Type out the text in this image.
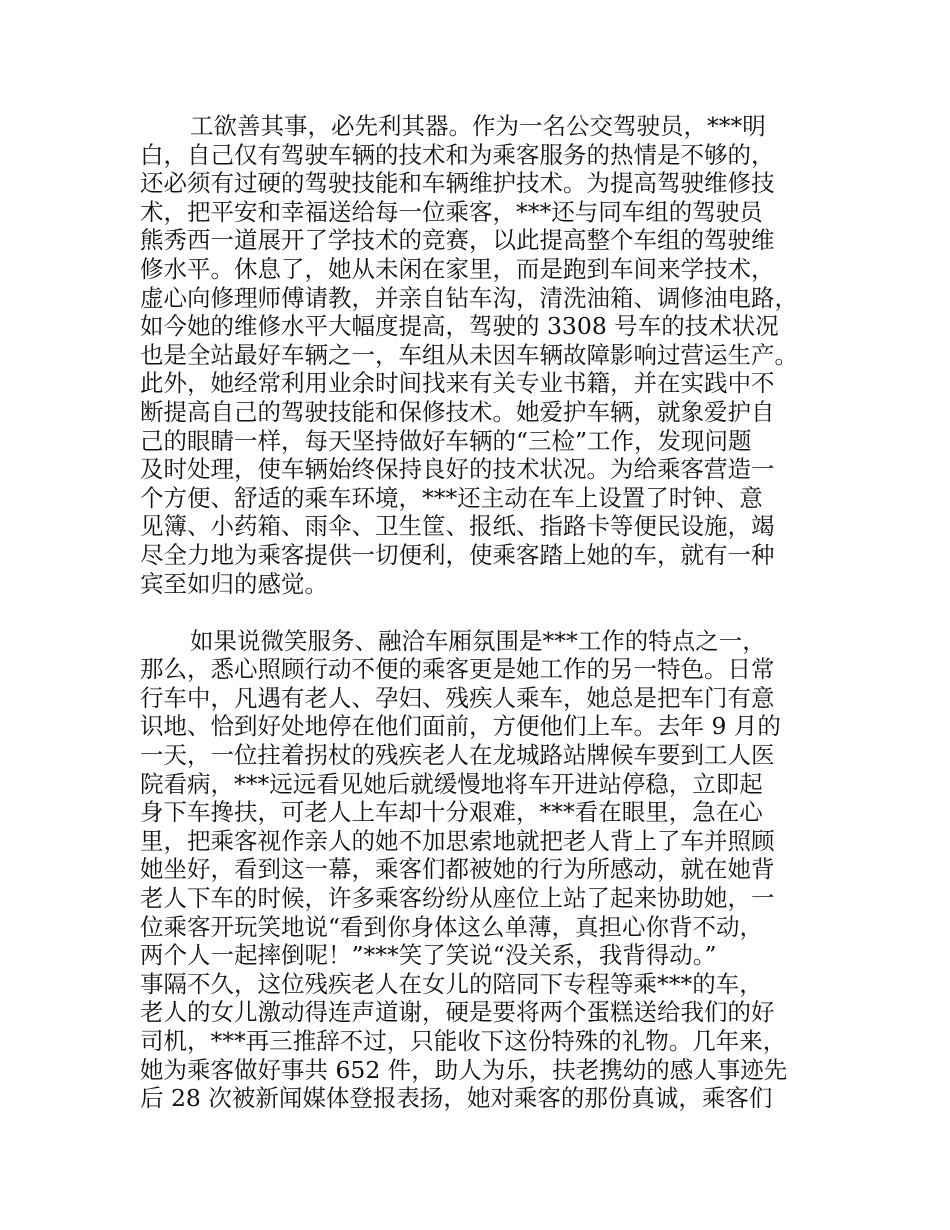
工欲善其事，必先利其器。作为一名公交驾驶员，***明
白，自己仅有驾驶车辆的技术和为乘客服务的热情是不够的，
还必须有过硬的驾驶技能和车辆维护技术。为提高驾驶维修技
术，把平安和幸福送给每一位乘客，***还与同车组的驾驶员
熊秀西一道展开了学技术的竞赛，以此提高整个车组的驾驶维
修水平。休息了，她从未闲在家里，而是跑到车间来学技术，
虚心向修理师傅请教，并亲自钻车沟，清洗油箱、调修油电路，
如今她的维修水平大幅度提高，驾驶的 3308 号车的技术状况
也是全站最好车辆之一，车组从未因车辆故障影响过营运生产。
此外，她经常利用业余时间找来有关专业书籍，并在实践中不
断提高自己的驾驶技能和保修技术。她爱护车辆，就象爱护自
己的眼睛一样，每天坚持做好车辆的“三检”工作，发现问题
及时处理，使车辆始终保持良好的技术状况。为给乘客营造一
个方便、舒适的乘车环境，***还主动在车上设置了时钟、意
见簿、小药箱、雨伞、卫生筐、报纸、指路卡等便民设施，竭
尽全力地为乘客提供一切便利，使乘客踏上她的车，就有一种
宾至如归的感觉。
如果说微笑服务、融洽车厢氛围是***工作的特点之一，
那么，悉心照顾行动不便的乘客更是她工作的另一特色。日常
行车中，凡遇有老人、孕妇、残疾人乘车，她总是把车门有意
识地、恰到好处地停在他们面前，方便他们上车。去年 9 月的
一天，一位拄着拐杖的残疾老人在龙城路站牌候车要到工人医
院看病，***远远看见她后就缓慢地将车开进站停稳，立即起
身下车搀扶，可老人上车却十分艰难，***看在眼里，急在心
里，把乘客视作亲人的她不加思索地就把老人背上了车并照顾
她坐好，看到这一幕，乘客们都被她的行为所感动，就在她背
老人下车的时候，许多乘客纷纷从座位上站了起来协助她，一
位乘客开玩笑地说“看到你身体这么单薄，真担心你背不动，
两个人一起摔倒呢！”***笑了笑说“没关系，我背得动。”
事隔不久，这位残疾老人在女儿的陪同下专程等乘***的车，
老人的女儿激动得连声道谢，硬是要将两个蛋糕送给我们的好
司机，***再三推辞不过，只能收下这份特殊的礼物。几年来，
她为乘客做好事共 652 件，助人为乐，扶老携幼的感人事迹先
后 28 次被新闻媒体登报表扬，她对乘客的那份真诚，乘客们
